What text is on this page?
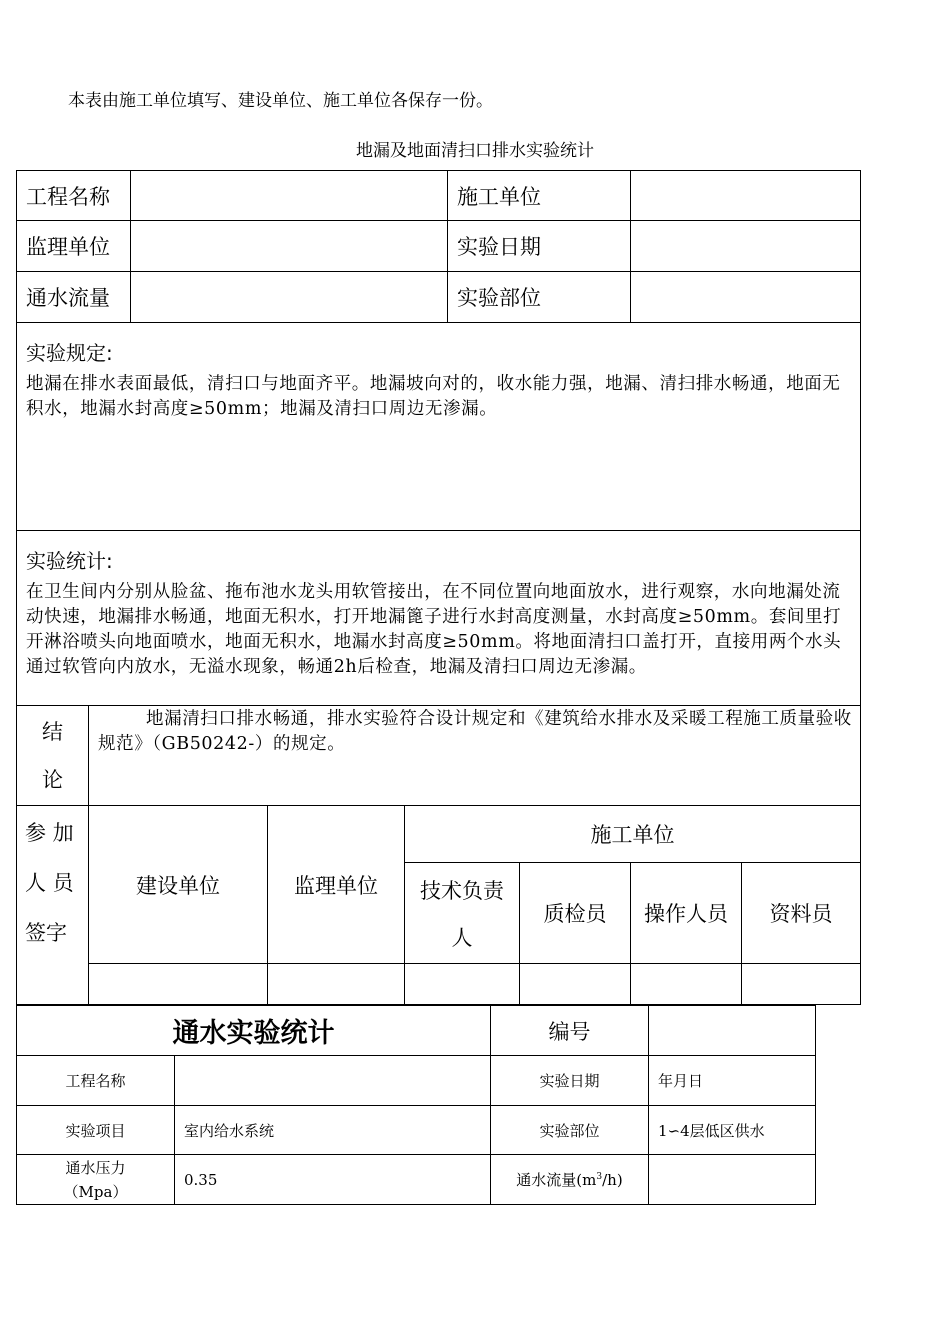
本表由施工单位填写、建设单位、施工单位各保存一份。
地漏及地面清扫口排水实验统计
工程名称					施工单位			
监理单位					实验日期			
通水流量					实验部位			

实验规定:
地漏在排水表面最低，清扫口与地面齐平。地漏坡向对的，收水能力强，地漏、清扫排水畅通，地面无积水，地漏水封高度≥50mm；地漏及清扫口周边无渗漏。								

实验统计:
在卫生间内分别从脸盆、拖布池水龙头用软管接出，在不同位置向地面放水，进行观察，水向地漏处流动快速，地漏排水畅通，地面无积水，打开地漏篦子进行水封高度测量，水封高度≥50mm。套间里打开淋浴喷头向地面喷水，地面无积水，地漏水封高度≥50mm。将地面清扫口盖打开，直接用两个水头通过软管向内放水，无溢水现象，畅通2h后检查，地漏及清扫口周边无渗漏。								

结
论	地漏清扫口排水畅通，排水实验符合设计规定和《建筑给水排水及采暖工程施工质量验收规范》（GB50242-）的规定。							

参 加
人 员
签字	建设单位		监理单位	施工单位				

				技术负责
人		质检员	操作人员	资料员

通水实验统计		编号	
工程名称		实验日期	年月日
实验项目	室内给水系统	实验部位	1∽4层低区供水

通水压力
（Mpa）	0.35	通水流量$(m^3/h)$	
